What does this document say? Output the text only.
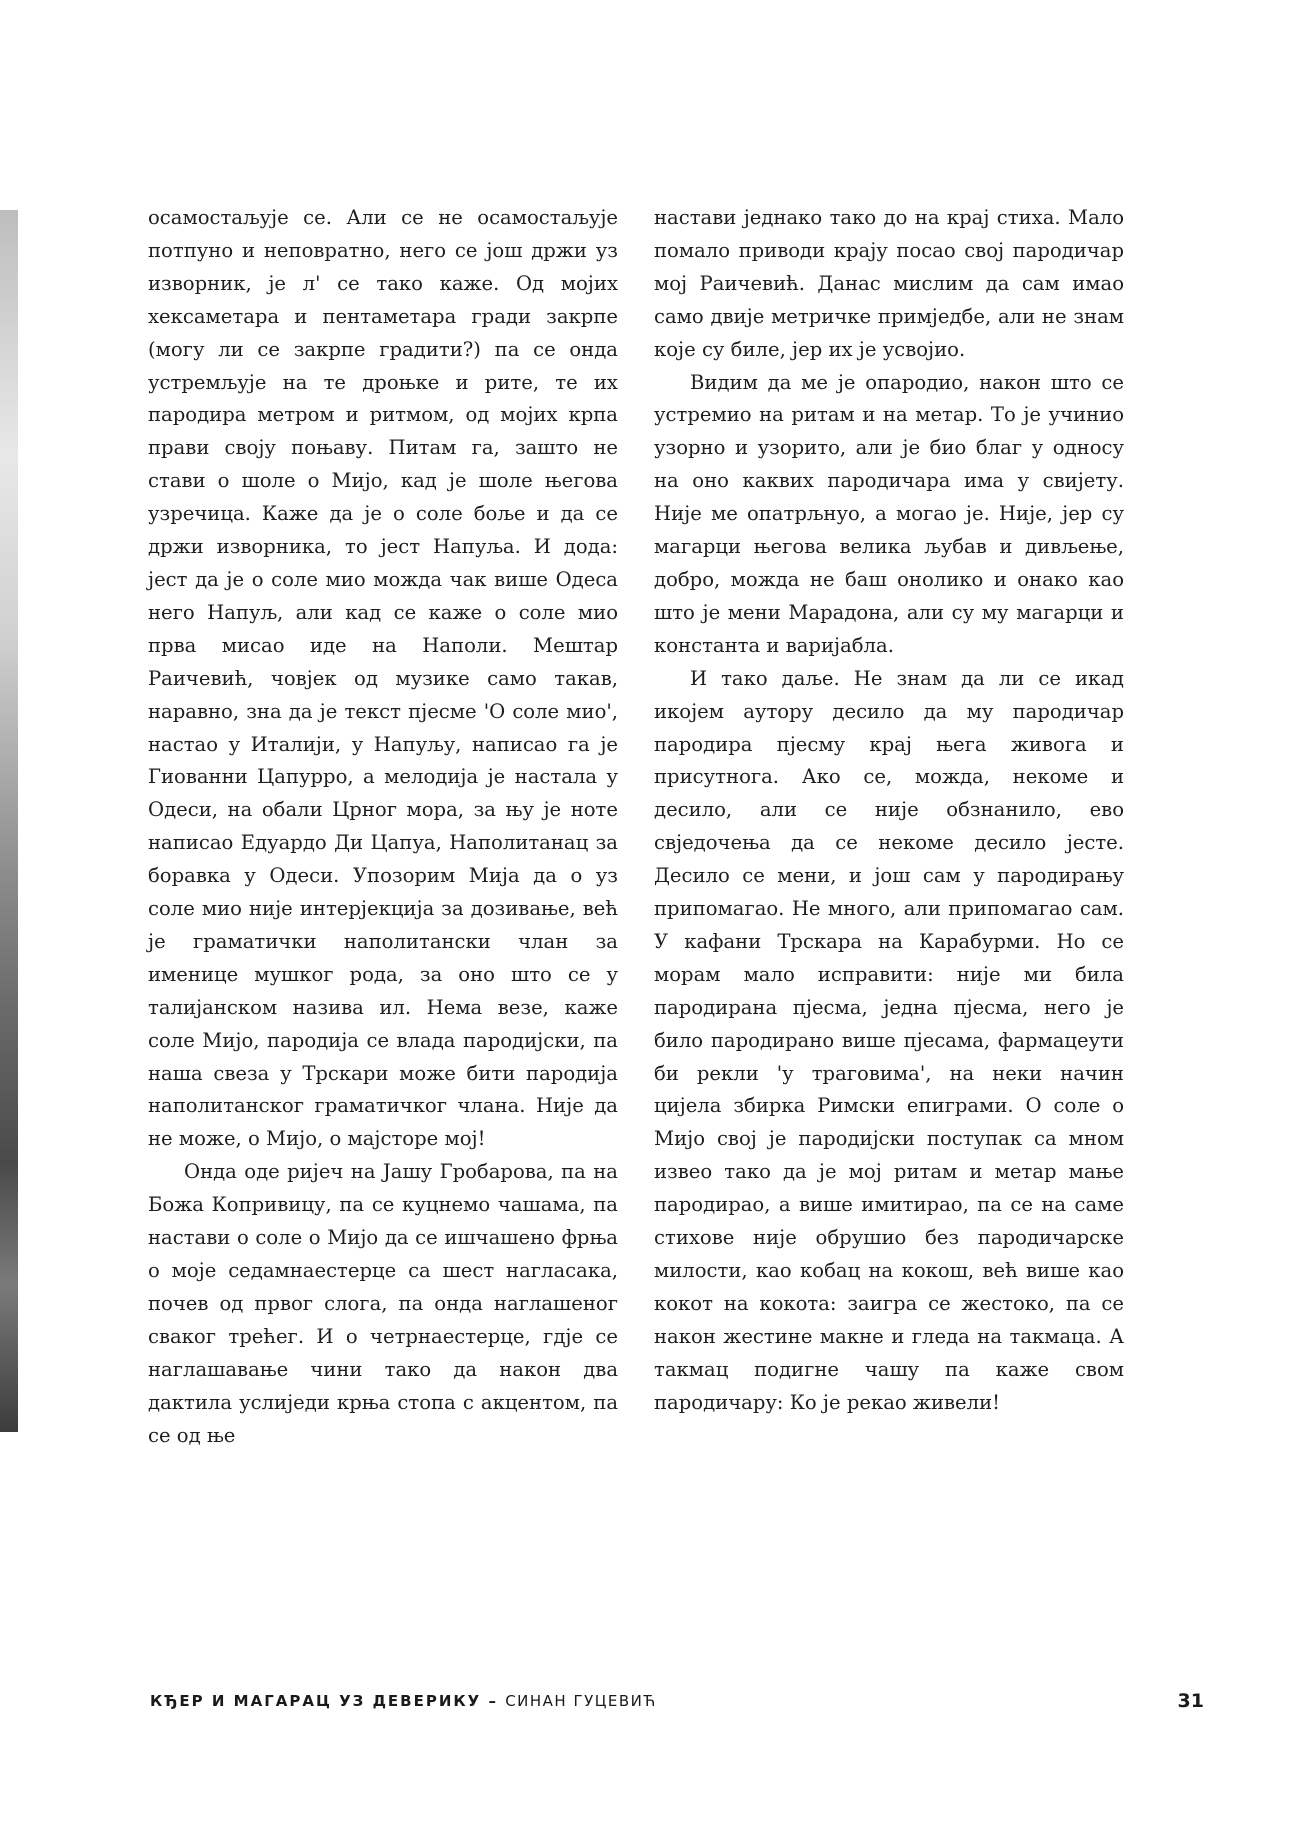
осамостаљује се. Али се не осамостаљује потпуно и неповратно, него се још држи уз изворник, је л' се тако каже. Од мојих хексаметара и пентаметара гради закрпе (могу ли се закрпе градити?) па се онда устремљује на те дроњке и рите, те их пародира метром и ритмом, од мојих крпа прави своју поњаву. Питам га, зашто не стави о шоле о Мијо, кад је шоле његова узречица. Каже да је о соле боље и да се држи изворника, то јест Напуља. И дода: јест да је о соле мио можда чак више Одеса него Напуљ, али кад се каже о соле мио прва мисао иде на Наполи. Мештар Раичевић, човјек од музике само такав, наравно, зна да је текст пјесме 'О соле мио', настао у Италији, у Напуљу, написао га је Гиованни Цапурро, а мелодија је настала у Одеси, на обали Црног мора, за њу је ноте написао Едуардо Ди Цапуа, Наполитанац за боравка у Одеси. Упозорим Мија да о уз соле мио није интерјекција за дозивање, већ је граматички наполитански члан за именице мушког рода, за оно што се у талијанском назива ил. Нема везе, каже соле Мијо, пародија се влада пародијски, па наша свеза у Трскари може бити пародија наполитанског граматичког члана. Није да не може, о Мијо, о мајсторе мој!

Онда оде ријеч на Јашу Гробарова, па на Божа Копривицу, па се куцнемо чашама, па настави о соле о Мијо да се ишчашено фрња о моје седамнаестерце са шест нагласака, почев од првог слога, па онда наглашеног сваког трећег. И о четрнаестерце, гдје се наглашавање чини тако да након два дактила услиједи крња стопа с акцентом, па се од ње

настави једнако тако до на крај стиха. Мало помало приводи крају посао свој пародичар мој Раичевић. Данас мислим да сам имао само двије метричке примједбе, али не знам које су биле, јер их је усвојио.

Видим да ме је опародио, након што се устремио на ритам и на метар. То је учинио узорно и узорито, али је био благ у односу на оно каквих пародичара има у свијету. Није ме опатрљнуо, а могао је. Није, јер су магарци његова велика љубав и дивљење, добро, можда не баш онолико и онако као што је мени Марадона, али су му магарци и константа и варијабла.

И тако даље. Не знам да ли се икад икојем аутору десило да му пародичар пародира пјесму крај њега живога и присутнога. Ако се, можда, некоме и десило, али се није обзнанило, ево свједочења да се некоме десило јесте. Десило се мени, и још сам у пародирању припомагао. Не много, али припомагао сам. У кафани Трскара на Карабурми. Но се морам мало исправити: није ми била пародирана пјесма, једна пјесма, него је било пародирано више пјесама, фармацеути би рекли 'у траговима', на неки начин цијела збирка Римски епиграми. О соле о Мијо свој је пародијски поступак са мном извео тако да је мој ритам и метар мање пародирао, а више имитирао, па се на саме стихове није обрушио без пародичарске милости, као кобац на кокош, већ више као кокот на кокота: заигра се жестоко, па се након жестине макне и гледа на такмаца. А такмац подигне чашу па каже свом пародичару: Ко је рекао живели!

КЂЕР И МАГАРАЦ УЗ ДЕВЕРИКУ – СИНАН ГУЦЕВИЋ	31
